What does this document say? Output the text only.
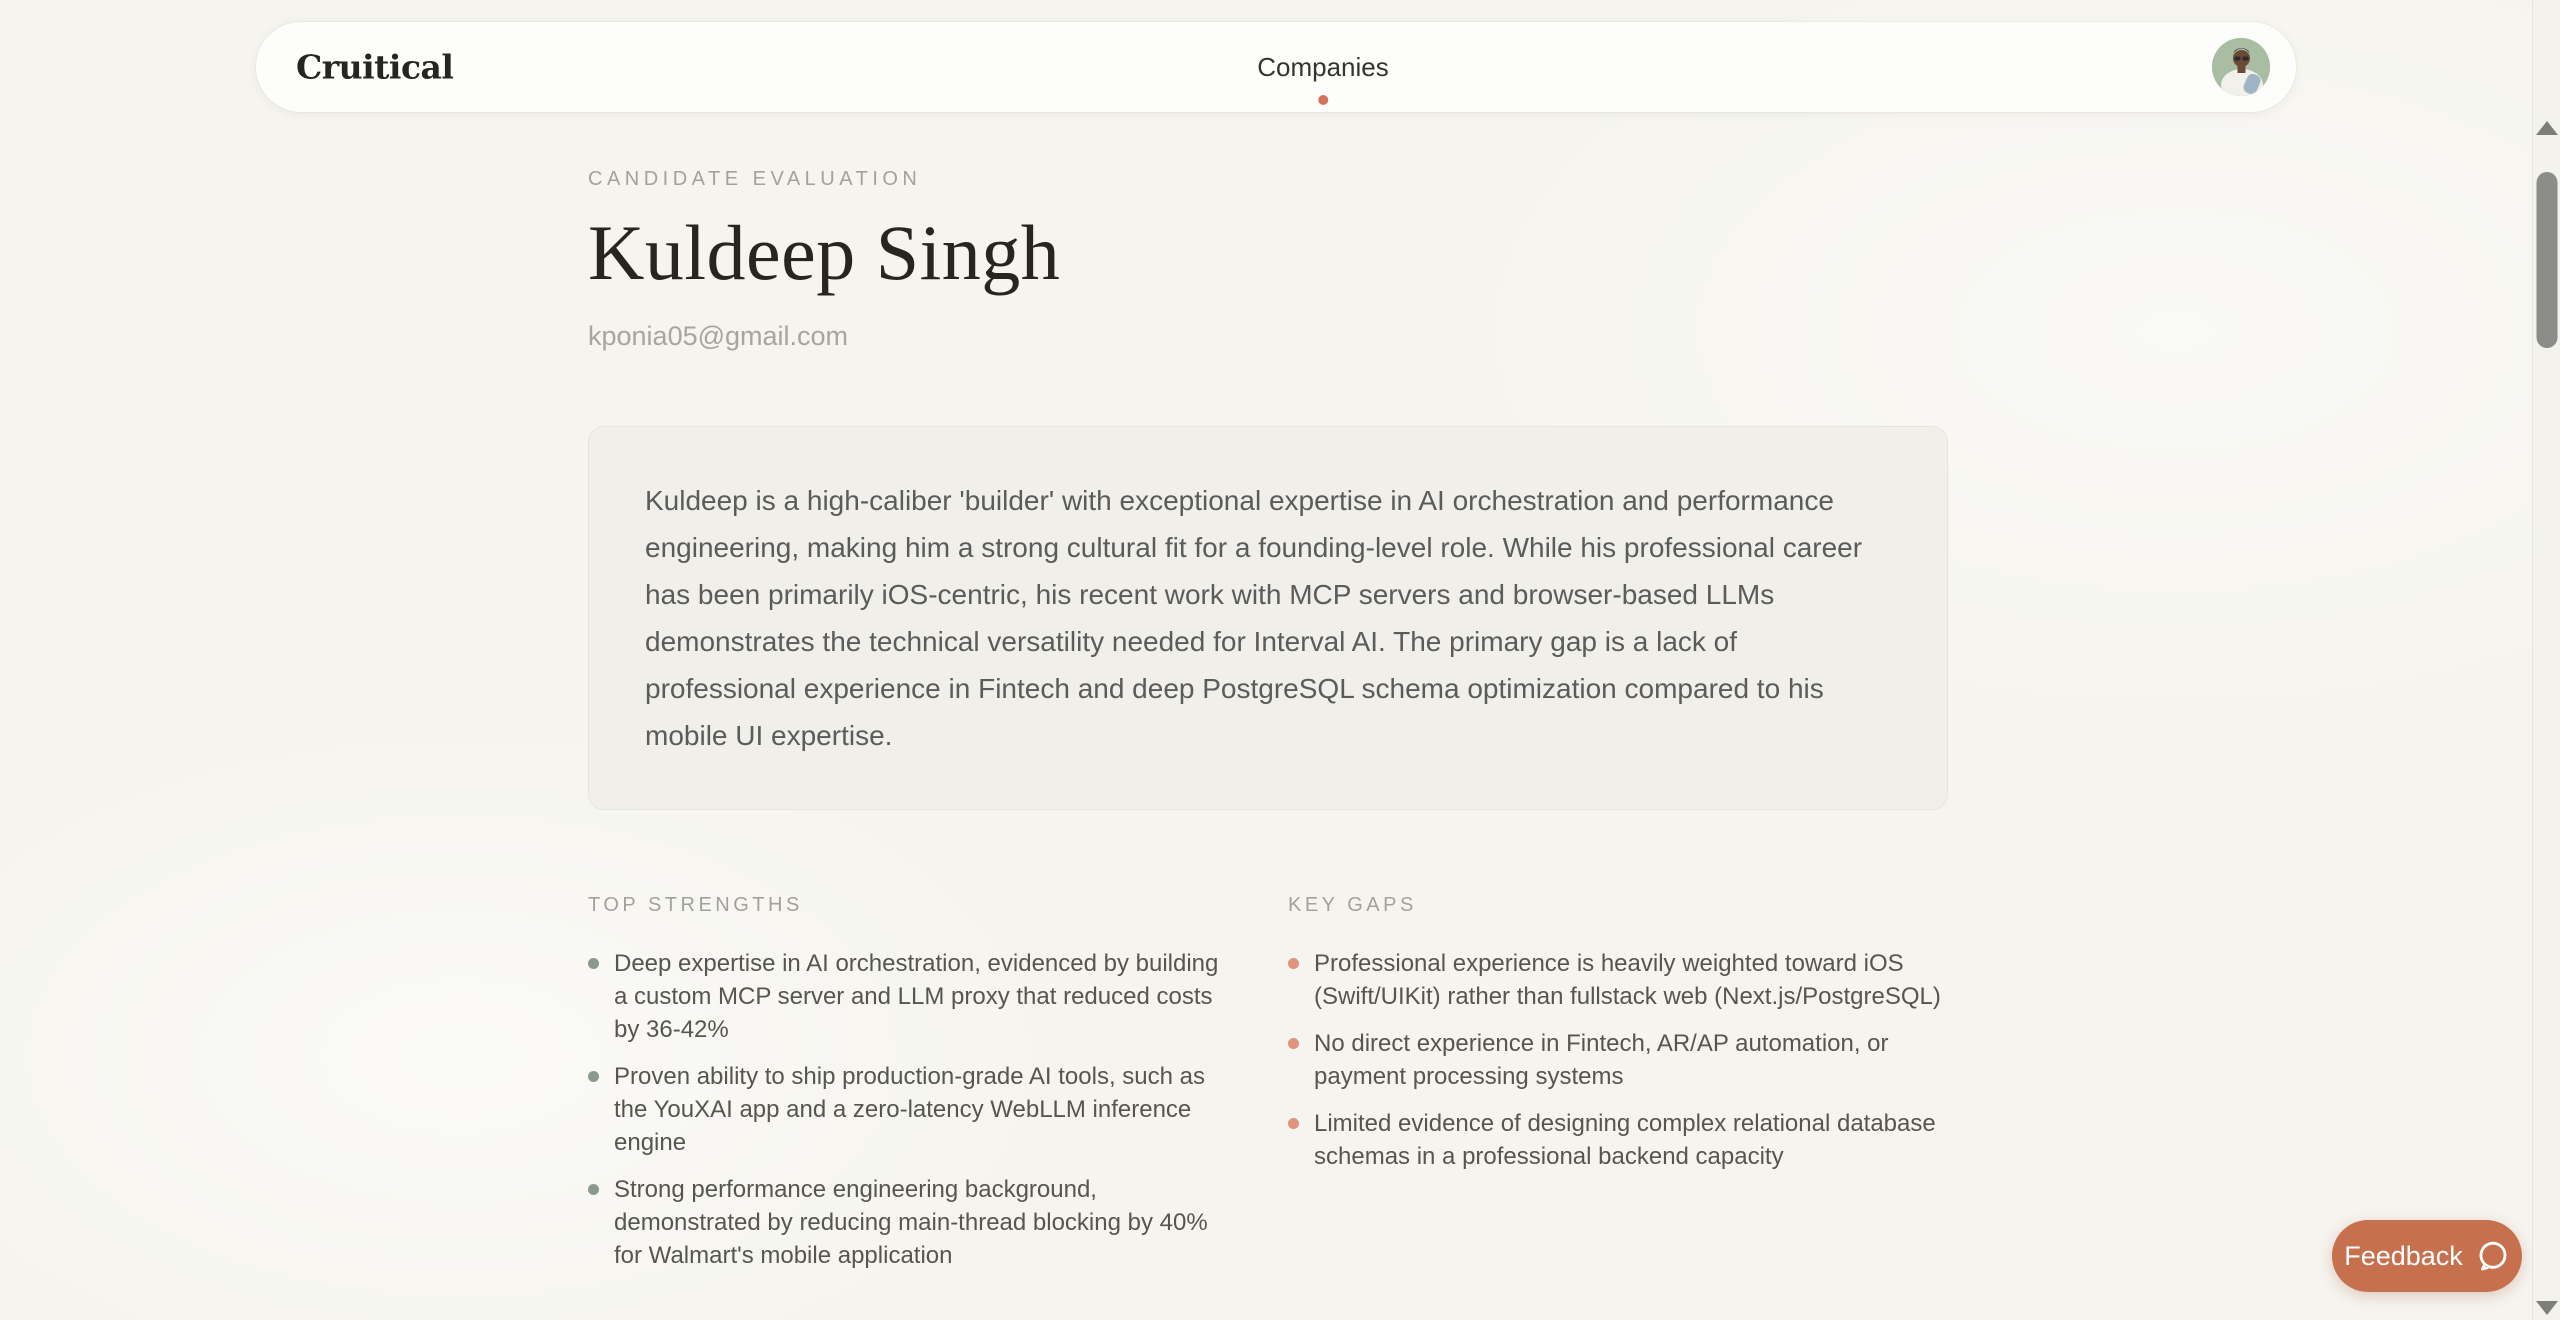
Cruitical	Companies
CANDIDATE EVALUATION
Kuldeep Singh
kponia05@gmail.com

Kuldeep is a high-caliber 'builder' with exceptional expertise in AI orchestration and performance engineering, making him a strong cultural fit for a founding-level role. While his professional career has been primarily iOS-centric, his recent work with MCP servers and browser-based LLMs demonstrates the technical versatility needed for Interval AI. The primary gap is a lack of professional experience in Fintech and deep PostgreSQL schema optimization compared to his mobile UI expertise.

TOP STRENGTHS
Deep expertise in AI orchestration, evidenced by building a custom MCP server and LLM proxy that reduced costs by 36-42%
Proven ability to ship production-grade AI tools, such as the YouXAI app and a zero-latency WebLLM inference engine
Strong performance engineering background, demonstrated by reducing main-thread blocking by 40% for Walmart's mobile application
KEY GAPS
Professional experience is heavily weighted toward iOS (Swift/UIKit) rather than fullstack web (Next.js/PostgreSQL)
No direct experience in Fintech, AR/AP automation, or payment processing systems
Limited evidence of designing complex relational database schemas in a professional backend capacity
Feedback
